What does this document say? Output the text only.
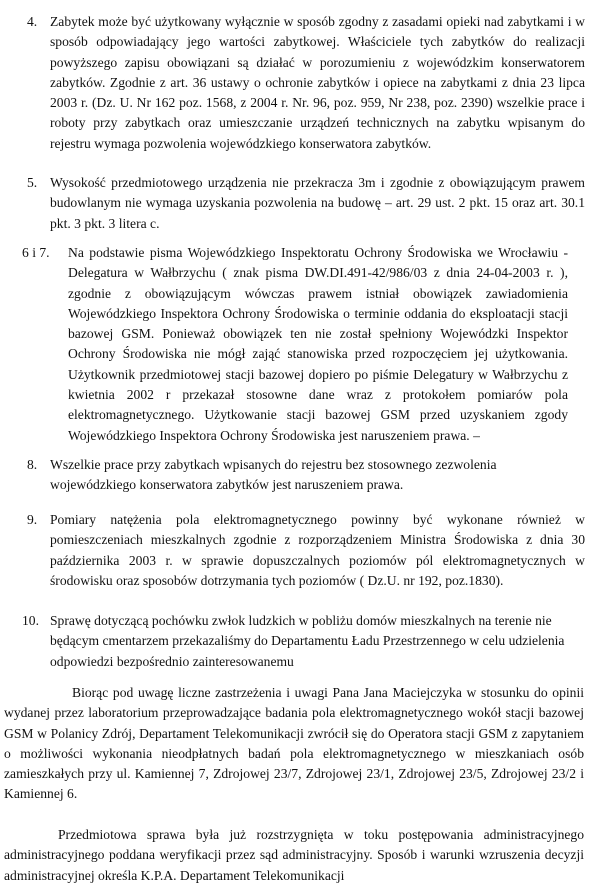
4. Zabytek może być użytkowany wyłącznie w sposób zgodny z zasadami opieki nad zabytkami i w sposób odpowiadający jego wartości zabytkowej. Właściciele tych zabytków do realizacji powyższego zapisu obowiązani są działać w porozumieniu z wojewódzkim konserwatorem zabytków. Zgodnie z art. 36 ustawy o ochronie zabytków i opiece na zabytkami z dnia 23 lipca 2003 r. (Dz. U. Nr 162 poz. 1568, z 2004 r. Nr. 96, poz. 959, Nr 238, poz. 2390) wszelkie prace i roboty przy zabytkach oraz umieszczanie urządzeń technicznych na zabytku wpisanym do rejestru wymaga pozwolenia wojewódzkiego konserwatora zabytków.
5. Wysokość przedmiotowego urządzenia nie przekracza 3m i zgodnie z obowiązującym prawem budowlanym nie wymaga uzyskania pozwolenia na budowę – art. 29 ust. 2 pkt. 15 oraz art. 30.1 pkt. 3 pkt. 3 litera c.
6 i 7. Na podstawie pisma Wojewódzkiego Inspektoratu Ochrony Środowiska we Wrocławiu - Delegatura w Wałbrzychu ( znak pisma DW.DI.491-42/986/03 z dnia 24-04-2003 r. ), zgodnie z obowiązującym wówczas prawem istniał obowiązek zawiadomienia Wojewódzkiego Inspektora Ochrony Środowiska o terminie oddania do eksploatacji stacji bazowej GSM. Ponieważ obowiązek ten nie został spełniony Wojewódzki Inspektor Ochrony Środowiska nie mógł zająć stanowiska przed rozpoczęciem jej użytkowania. Użytkownik przedmiotowej stacji bazowej dopiero po piśmie Delegatury w Wałbrzychu z kwietnia 2002 r przekazał stosowne dane wraz z protokołem pomiarów pola elektromagnetycznego. Użytkowanie stacji bazowej GSM przed uzyskaniem zgody Wojewódzkiego Inspektora Ochrony Środowiska jest naruszeniem prawa. –
8. Wszelkie prace przy zabytkach wpisanych do rejestru bez stosownego zezwolenia wojewódzkiego konserwatora zabytków jest naruszeniem prawa.
9. Pomiary natężenia pola elektromagnetycznego powinny być wykonane również w pomieszczeniach mieszkalnych zgodnie z rozporządzeniem Ministra Środowiska z dnia 30 października 2003 r. w sprawie dopuszczalnych poziomów pól elektromagnetycznych w środowisku oraz sposobów dotrzymania tych poziomów ( Dz.U. nr 192, poz.1830).
10. Sprawę dotyczącą pochówku zwłok ludzkich w pobliżu domów mieszkalnych na terenie nie będącym cmentarzem przekazaliśmy do Departamentu Ładu Przestrzennego w celu udzielenia odpowiedzi bezpośrednio zainteresowanemu
Biorąc pod uwagę liczne zastrzeżenia i uwagi Pana Jana Maciejczyka w stosunku do opinii wydanej przez laboratorium przeprowadzające badania pola elektromagnetycznego wokół stacji bazowej GSM w Polanicy Zdrój, Departament Telekomunikacji zwrócił się do Operatora stacji GSM z zapytaniem o możliwości wykonania nieodpłatnych badań pola elektromagnetycznego w mieszkaniach osób zamieszkałych przy ul. Kamiennej 7, Zdrojowej 23/7, Zdrojowej 23/1, Zdrojowej 23/5, Zdrojowej 23/2 i Kamiennej 6.
Przedmiotowa sprawa była już rozstrzygnięta w toku postępowania administracyjnego administracyjnego poddana weryfikacji przez sąd administracyjny. Sposób i warunki wzruszenia decyzji administracyjnej określa K.P.A. Departament Telekomunikacji
